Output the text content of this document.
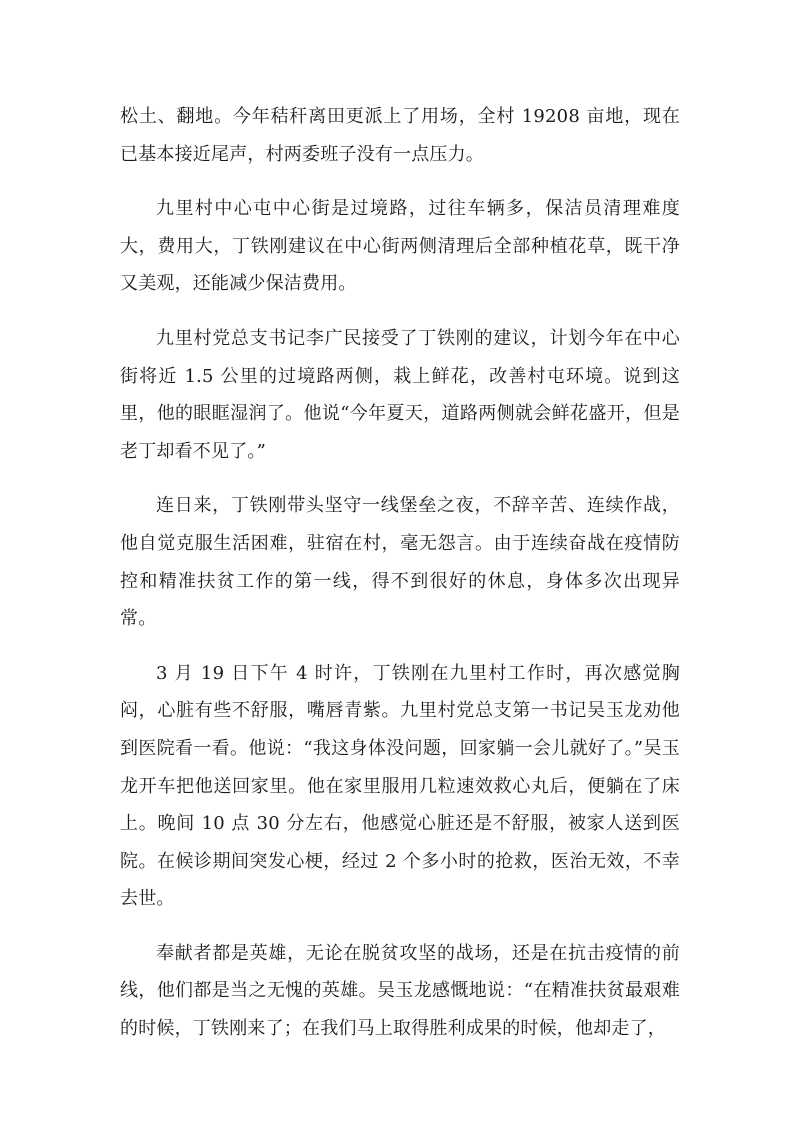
松土、翻地。今年秸秆离田更派上了用场，全村 19208 亩地，现在已基本接近尾声，村两委班子没有一点压力。

九里村中心屯中心街是过境路，过往车辆多，保洁员清理难度大，费用大，丁铁刚建议在中心街两侧清理后全部种植花草，既干净又美观，还能减少保洁费用。

九里村党总支书记李广民接受了丁铁刚的建议，计划今年在中心街将近 1.5 公里的过境路两侧，栽上鲜花，改善村屯环境。说到这里，他的眼眶湿润了。他说“今年夏天，道路两侧就会鲜花盛开，但是老丁却看不见了。”

连日来，丁铁刚带头坚守一线堡垒之夜，不辞辛苦、连续作战，他自觉克服生活困难，驻宿在村，毫无怨言。由于连续奋战在疫情防控和精准扶贫工作的第一线，得不到很好的休息，身体多次出现异常。

3 月 19 日下午 4 时许，丁铁刚在九里村工作时，再次感觉胸闷，心脏有些不舒服，嘴唇青紫。九里村党总支第一书记吴玉龙劝他到医院看一看。他说：“我这身体没问题，回家躺一会儿就好了。”吴玉龙开车把他送回家里。他在家里服用几粒速效救心丸后，便躺在了床上。晚间 10 点 30 分左右，他感觉心脏还是不舒服，被家人送到医院。在候诊期间突发心梗，经过 2 个多小时的抢救，医治无效，不幸去世。

奉献者都是英雄，无论在脱贫攻坚的战场，还是在抗击疫情的前线，他们都是当之无愧的英雄。吴玉龙感慨地说：“在精准扶贫最艰难的时候，丁铁刚来了；在我们马上取得胜利成果的时候，他却走了，
